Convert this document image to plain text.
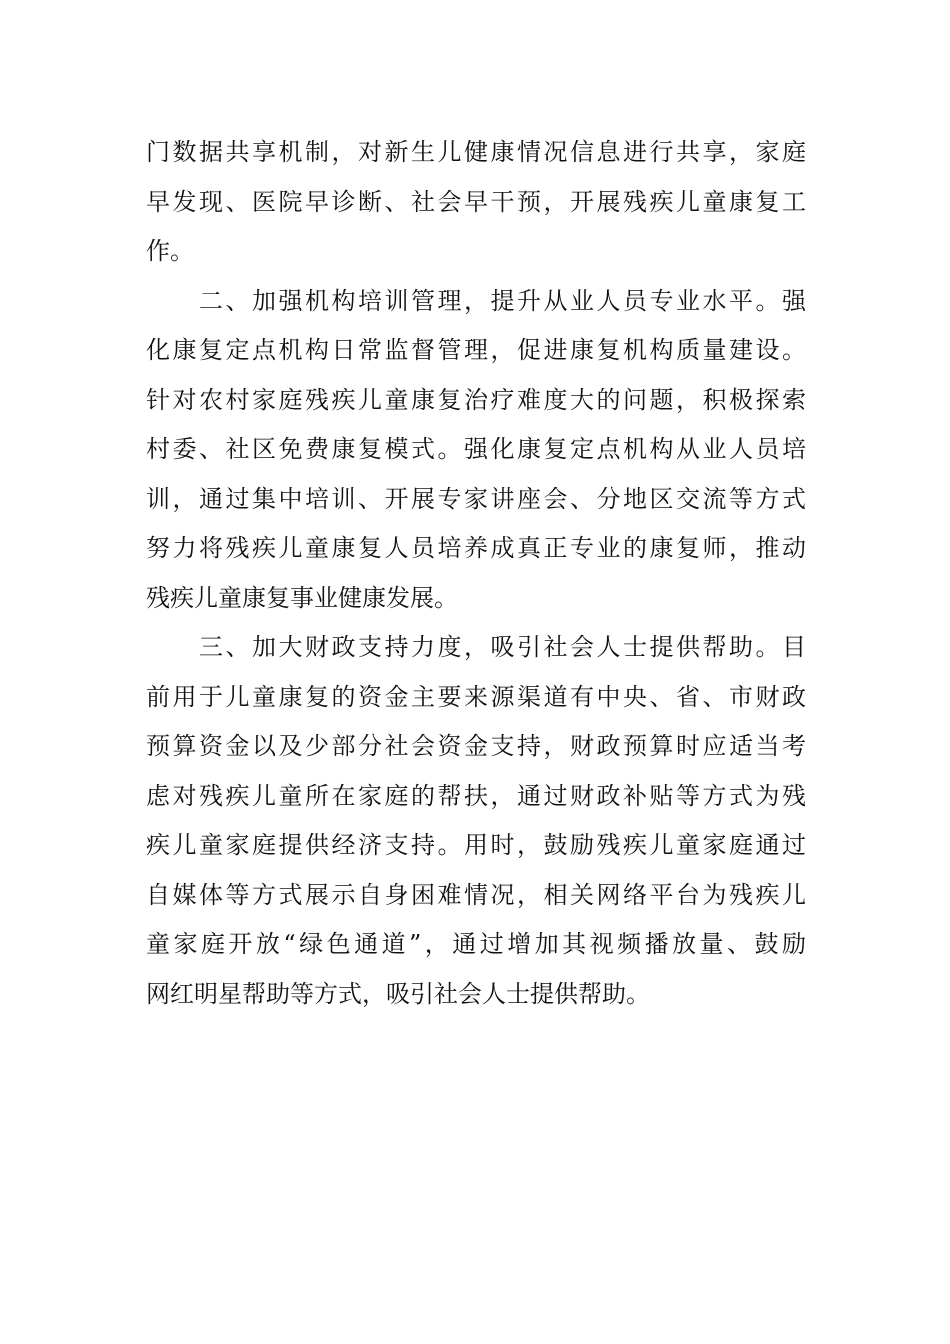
门数据共享机制，对新生儿健康情况信息进行共享，家庭
早发现、医院早诊断、社会早干预，开展残疾儿童康复工
作。
　　二、加强机构培训管理，提升从业人员专业水平。强
化康复定点机构日常监督管理，促进康复机构质量建设。
针对农村家庭残疾儿童康复治疗难度大的问题，积极探索
村委、社区免费康复模式。强化康复定点机构从业人员培
训，通过集中培训、开展专家讲座会、分地区交流等方式
努力将残疾儿童康复人员培养成真正专业的康复师，推动
残疾儿童康复事业健康发展。
　　三、加大财政支持力度，吸引社会人士提供帮助。目
前用于儿童康复的资金主要来源渠道有中央、省、市财政
预算资金以及少部分社会资金支持，财政预算时应适当考
虑对残疾儿童所在家庭的帮扶，通过财政补贴等方式为残
疾儿童家庭提供经济支持。用时，鼓励残疾儿童家庭通过
自媒体等方式展示自身困难情况，相关网络平台为残疾儿
童家庭开放“绿色通道”，通过增加其视频播放量、鼓励
网红明星帮助等方式，吸引社会人士提供帮助。
